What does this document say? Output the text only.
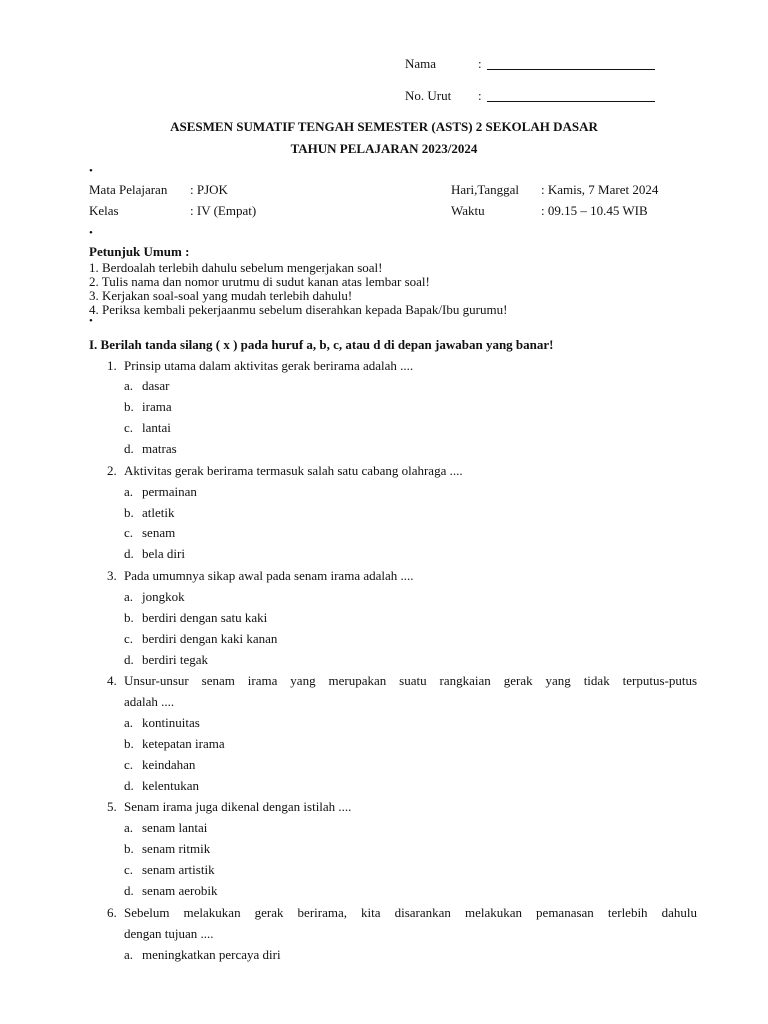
Nama	:
No. Urut :
ASESMEN SUMATIF TENGAH SEMESTER (ASTS) 2 SEKOLAH DASAR
TAHUN PELAJARAN 2023/2024
•
Mata Pelajaran : PJOK	Hari,Tanggal : Kamis, 7 Maret 2024
Kelas	: IV (Empat)	Waktu	: 09.15 – 10.45 WIB
•
Petunjuk Umum :
1. Berdoalah terlebih dahulu sebelum mengerjakan soal!
2. Tulis nama dan nomor urutmu di sudut kanan atas lembar soal!
3. Kerjakan soal-soal yang mudah terlebih dahulu!
4. Periksa kembali pekerjaanmu sebelum diserahkan kepada Bapak/Ibu gurumu!
•
I. Berilah tanda silang ( x ) pada huruf a, b, c, atau d di depan jawaban yang banar!
1. Prinsip utama dalam aktivitas gerak berirama adalah ....
a. dasar
b. irama
c. lantai
d. matras
2. Aktivitas gerak berirama termasuk salah satu cabang olahraga ....
a. permainan
b. atletik
c. senam
d. bela diri
3. Pada umumnya sikap awal pada senam irama adalah ....
a. jongkok
b. berdiri dengan satu kaki
c. berdiri dengan kaki kanan
d. berdiri tegak
4. Unsur-unsur senam irama yang merupakan suatu rangkaian gerak yang tidak terputus-putus
adalah ....
a. kontinuitas
b. ketepatan irama
c. keindahan
d. kelentukan
5. Senam irama juga dikenal dengan istilah ....
a. senam lantai
b. senam ritmik
c. senam artistik
d. senam aerobik
6. Sebelum melakukan gerak berirama, kita disarankan melakukan pemanasan terlebih dahulu
dengan tujuan ....
a. meningkatkan percaya diri
